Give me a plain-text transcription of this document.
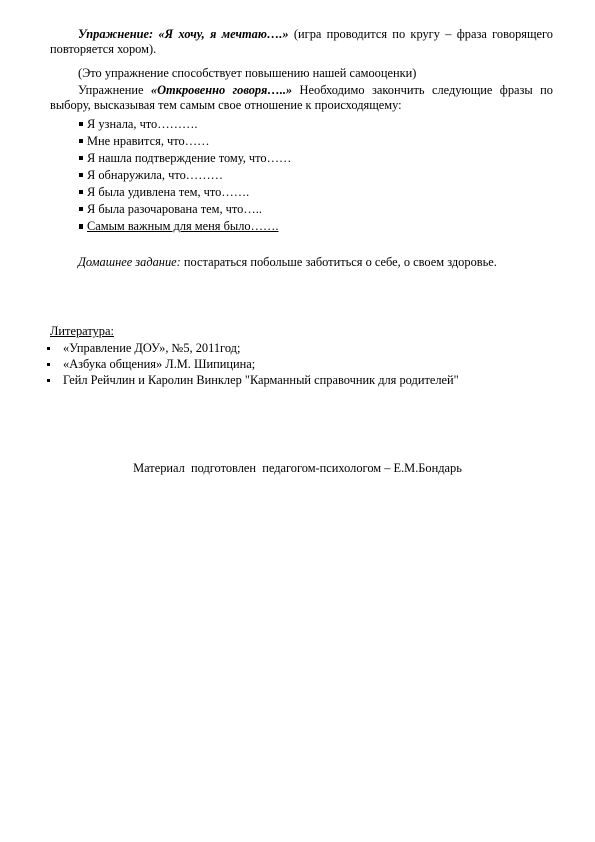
Упражнение: «Я хочу, я мечтаю….» (игра проводится по кругу – фраза говорящего повторяется хором).

(Это упражнение способствует повышению нашей самооценки)

Упражнение «Откровенно говоря…..» Необходимо закончить следующие фразы по выбору, высказывая тем самым свое отношение к происходящему:

Я узнала, что……….
Мне нравится, что……
Я нашла подтверждение тому, что……
Я обнаружила, что………
Я была удивлена тем, что…….
Я была разочарована тем, что…..
Самым важным для меня было…….

Домашнее задание: постараться побольше заботиться о себе, о своем здоровье.

Литература:

«Управление ДОУ», №5, 2011год;
«Азбука общения» Л.М. Шипицина;
Гейл Рейчлин и Каролин Винклер "Карманный справочник для родителей"

Материал  подготовлен  педагогом-психологом – Е.М.Бондарь
